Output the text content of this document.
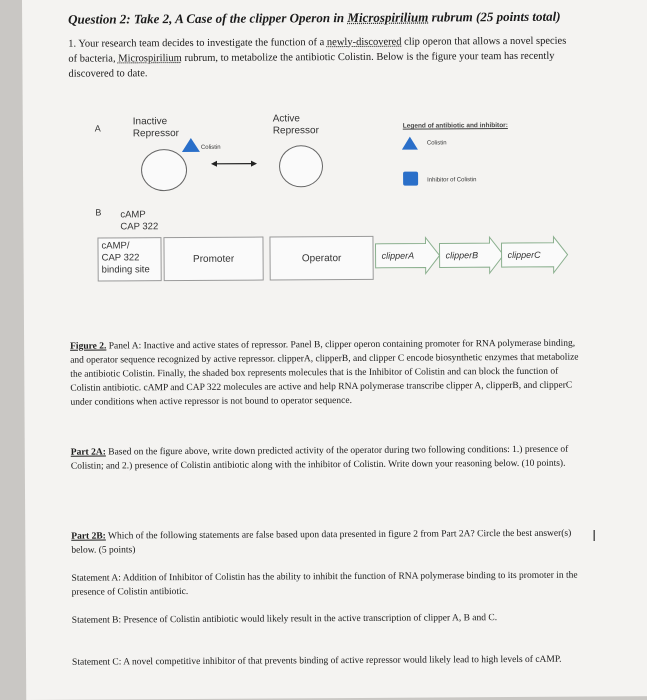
Question 2: Take 2, A Case of the clipper Operon in Microspirilium rubrum (25 points total)
1. Your research team decides to investigate the function of a newly-discovered clip operon that allows a novel species of bacteria, Microspirilium rubrum, to metabolize the antibiotic Colistin. Below is the figure your team has recently discovered to date.
A
Inactive
Repressor
Active
Repressor
Colistin
Legend of antibiotic and inhibitor:
Colistin
Inhibitor of Colistin
B cAMP
CAP 322
cAMP/
CAP 322
binding site
Promoter	Operator	clipperA	clipperB	clipperC
Figure 2. Panel A: Inactive and active states of repressor. Panel B, clipper operon containing promoter for RNA polymerase binding, and operator sequence recognized by active repressor. clipperA, clipperB, and clipper C encode biosynthetic enzymes that metabolize the antibiotic Colistin. Finally, the shaded box represents molecules that is the Inhibitor of Colistin and can block the function of Colistin antibiotic. cAMP and CAP 322 molecules are active and help RNA polymerase transcribe clipper A, clipperB, and clipperC under conditions when active repressor is not bound to operator sequence.
Part 2A: Based on the figure above, write down predicted activity of the operator during two following conditions: 1.) presence of Colistin; and 2.) presence of Colistin antibiotic along with the inhibitor of Colistin. Write down your reasoning below. (10 points).
Part 2B: Which of the following statements are false based upon data presented in figure 2 from Part 2A? Circle the best answer(s) below. (5 points)
Statement A: Addition of Inhibitor of Colistin has the ability to inhibit the function of RNA polymerase binding to its promoter in the presence of Colistin antibiotic.
Statement B: Presence of Colistin antibiotic would likely result in the active transcription of clipper A, B and C.
Statement C: A novel competitive inhibitor of that prevents binding of active repressor would likely lead to high levels of cAMP.
I
